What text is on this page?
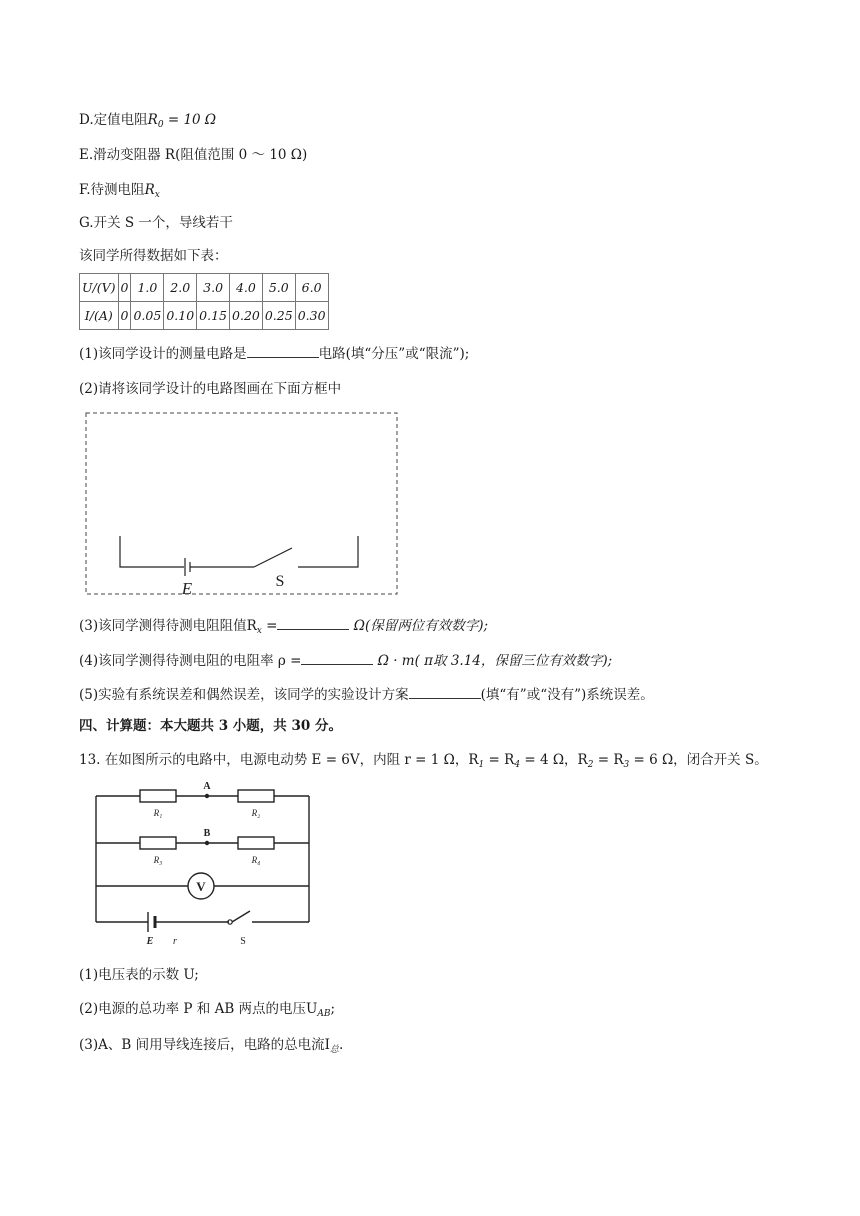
D.定值电阻$R_0 = 10$ Ω
E.滑动变阻器 R(阻值范围 0 ～ 10 Ω)
F.待测电阻$R_x$
G.开关 S 一个，导线若干
该同学所得数据如下表：
U/(V)	0	1.0	2.0	3.0	4.0	5.0	6.0
I/(A)	0	0.05	0.10	0.15	0.20	0.25	0.30
(1)该同学设计的测量电路是	电路(填“分压”或“限流”);
(2)请将该同学设计的电路图画在下面方框中
E	S
(3)该同学测得待测电阻阻值$R_x$ =	Ω(保留两位有效数字);
(4)该同学测得待测电阻的电阻率 ρ =	Ω · m( π取 3.14，保留三位有效数字);
(5)实验有系统误差和偶然误差，该同学的实验设计方案	(填“有”或“没有”)系统误差。
四、计算题：本大题共 3 小题，共 30 分。
13. 在如图所示的电路中，电源电动势 E = 6V，内阻 r = 1 Ω，$R_1 = R_4 = 4$ Ω，$R_2 = R_3 = 6$ Ω，闭合开关 S。
A
B
R₁	R₂
R₃	R₄
V
E r	S
(1)电压表的示数 U;
(2)电源的总功率 P 和 AB 两点的电压$U_{AB}$;
(3)A、B 间用导线连接后，电路的总电流$I_总$.
